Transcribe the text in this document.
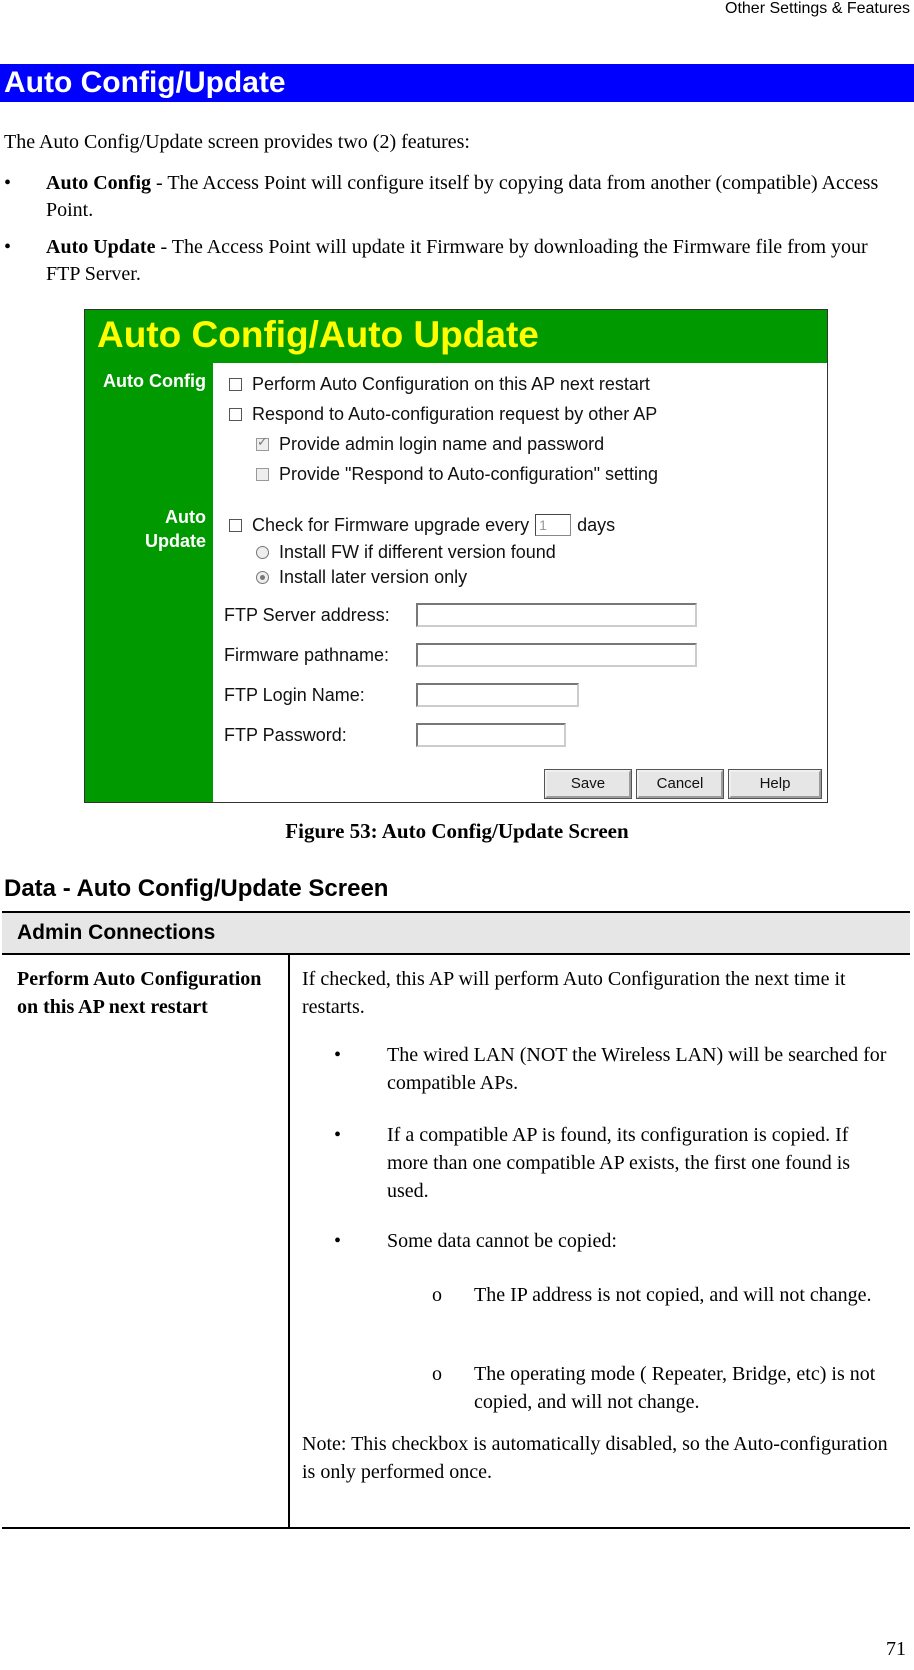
Other Settings & Features
Auto Config/Update
The Auto Config/Update screen provides two (2) features:
• Auto Config - The Access Point will configure itself by copying data from another (compatible) Access Point.
• Auto Update - The Access Point will update it Firmware by downloading the Firmware file from your FTP Server.
Auto Config/Auto Update
Auto Config
Auto
Update
Perform Auto Configuration on this AP next restart
Respond to Auto-configuration request by other AP
✓
Provide admin login name and password
Provide "Respond to Auto-configuration" setting
Check for Firmware upgrade every
1	days
Install FW if different version found
Install later version only
FTP Server address:
Firmware pathname:
FTP Login Name:
FTP Password:
Save	Cancel	Help
Figure 53: Auto Config/Update Screen
Data - Auto Config/Update Screen
Admin Connections
Perform Auto Configuration on this AP next restart
If checked, this AP will perform Auto Configuration the next time it restarts.
• The wired LAN (NOT the Wireless LAN) will be searched for compatible APs.
• If a compatible AP is found, its configuration is copied. If more than one compatible AP exists, the first one found is used.
• Some data cannot be copied:
o The IP address is not copied, and will not change.
o The operating mode ( Repeater, Bridge, etc) is not copied, and will not change.
Note: This checkbox is automatically disabled, so the Auto-configuration is only performed once.
71
